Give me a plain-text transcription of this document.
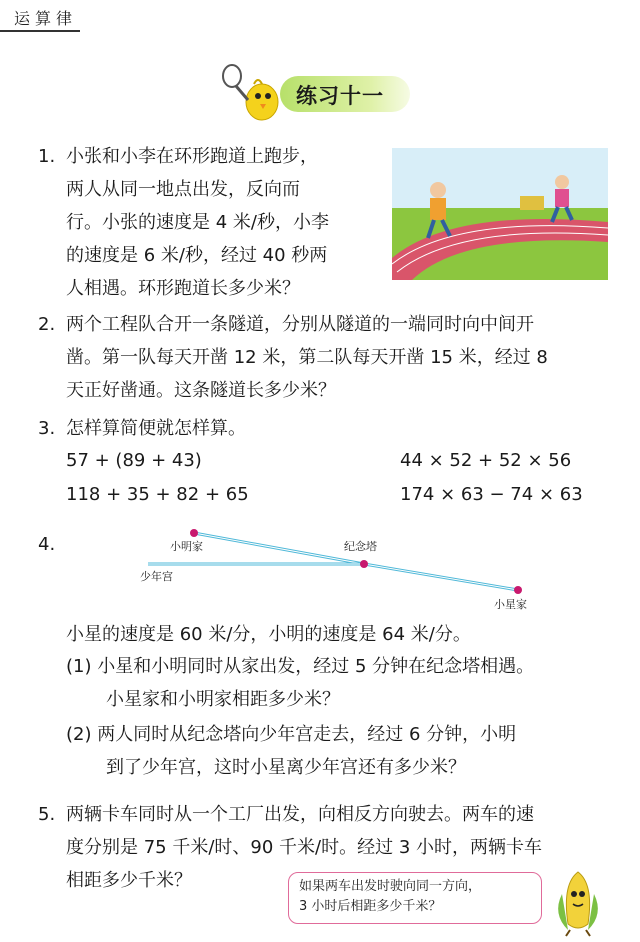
运算律
练习十一
1. 小张和小李在环形跑道上跑步，
两人从同一地点出发，反向而
行。小张的速度是 4 米/秒，小李
的速度是 6 米/秒，经过 40 秒两
人相遇。环形跑道长多少米？
2. 两个工程队合开一条隧道，分别从隧道的一端同时向中间开
凿。第一队每天开凿 12 米，第二队每天开凿 15 米，经过 8
天正好凿通。这条隧道长多少米？
3. 怎样算简便就怎样算。
57 + (89 + 43)	44 × 52 + 52 × 56
118 + 35 + 82 + 65	174 × 63 − 74 × 63
4.	小明家	纪念塔
少年宫
小星家
小星的速度是 60 米/分，小明的速度是 64 米/分。
(1) 小星和小明同时从家出发，经过 5 分钟在纪念塔相遇。
小星家和小明家相距多少米？
(2) 两人同时从纪念塔向少年宫走去，经过 6 分钟，小明
到了少年宫，这时小星离少年宫还有多少米？
5. 两辆卡车同时从一个工厂出发，向相反方向驶去。两车的速
度分别是 75 千米/时、90 千米/时。经过 3 小时，两辆卡车
相距多少千米？	如果两车出发时驶向同一方向，
3 小时后相距多少千米？
